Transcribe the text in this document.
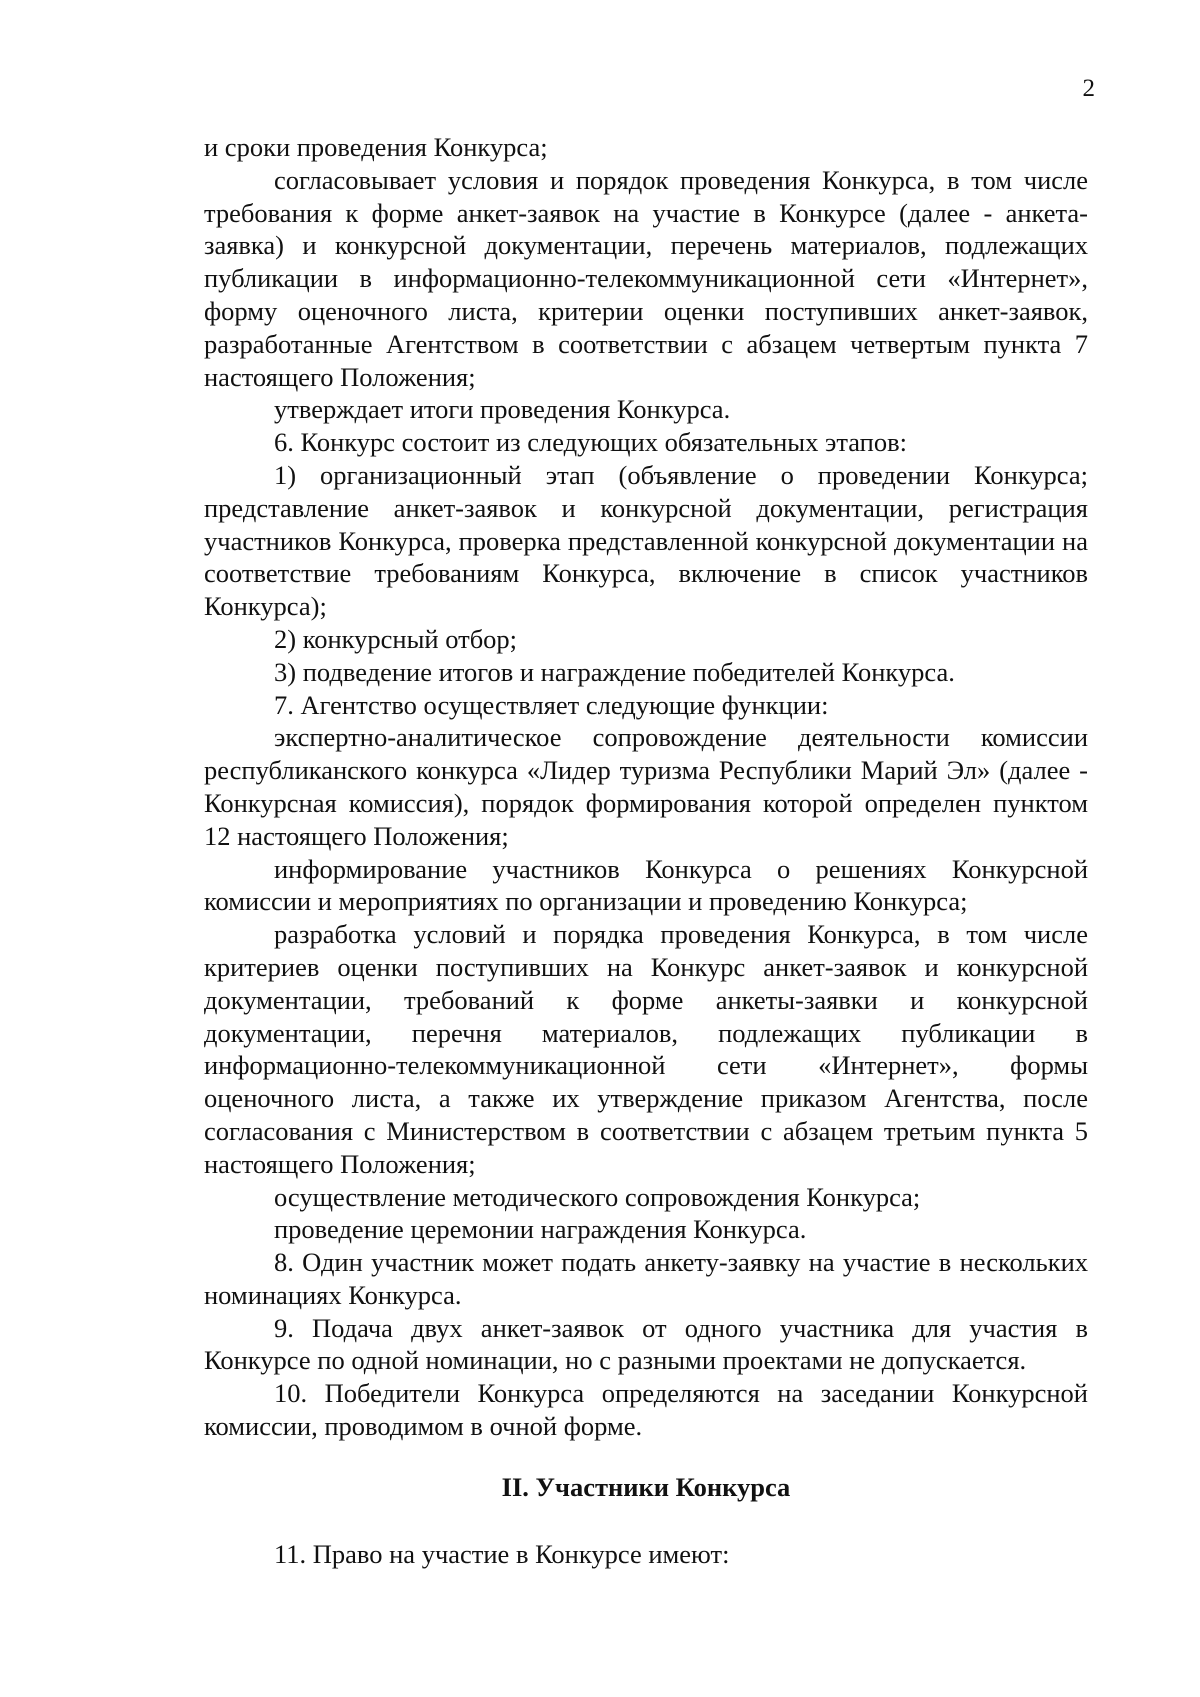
2

и сроки проведения Конкурса;

согласовывает условия и порядок проведения Конкурса, в том числе требования к форме анкет-заявок на участие в Конкурсе (далее - анкета-заявка) и конкурсной документации, перечень материалов, подлежащих публикации в информационно-телекоммуникационной сети «Интернет», форму оценочного листа, критерии оценки поступивших анкет-заявок, разработанные Агентством в соответствии с абзацем четвертым пункта 7 настоящего Положения;

утверждает итоги проведения Конкурса.

6. Конкурс состоит из следующих обязательных этапов:

1) организационный этап (объявление о проведении Конкурса; представление анкет-заявок и конкурсной документации, регистрация участников Конкурса, проверка представленной конкурсной документации на соответствие требованиям Конкурса, включение в список участников Конкурса);

2) конкурсный отбор;

3) подведение итогов и награждение победителей Конкурса.

7. Агентство осуществляет следующие функции:

экспертно-аналитическое сопровождение деятельности комиссии республиканского конкурса «Лидер туризма Республики Марий Эл» (далее - Конкурсная комиссия), порядок формирования которой определен пунктом 12 настоящего Положения;

информирование участников Конкурса о решениях Конкурсной комиссии и мероприятиях по организации и проведению Конкурса;

разработка условий и порядка проведения Конкурса, в том числе критериев оценки поступивших на Конкурс анкет-заявок и конкурсной документации, требований к форме анкеты-заявки и конкурсной документации, перечня материалов, подлежащих публикации в информационно-телекоммуникационной сети «Интернет», формы оценочного листа, а также их утверждение приказом Агентства, после согласования с Министерством в соответствии с абзацем третьим пункта 5 настоящего Положения;

осуществление методического сопровождения Конкурса;

проведение церемонии награждения Конкурса.

8. Один участник может подать анкету-заявку на участие в нескольких номинациях Конкурса.

9. Подача двух анкет-заявок от одного участника для участия в Конкурсе по одной номинации, но с разными проектами не допускается.

10. Победители Конкурса определяются на заседании Конкурсной комиссии, проводимом в очной форме.

II. Участники Конкурса

11. Право на участие в Конкурсе имеют:
